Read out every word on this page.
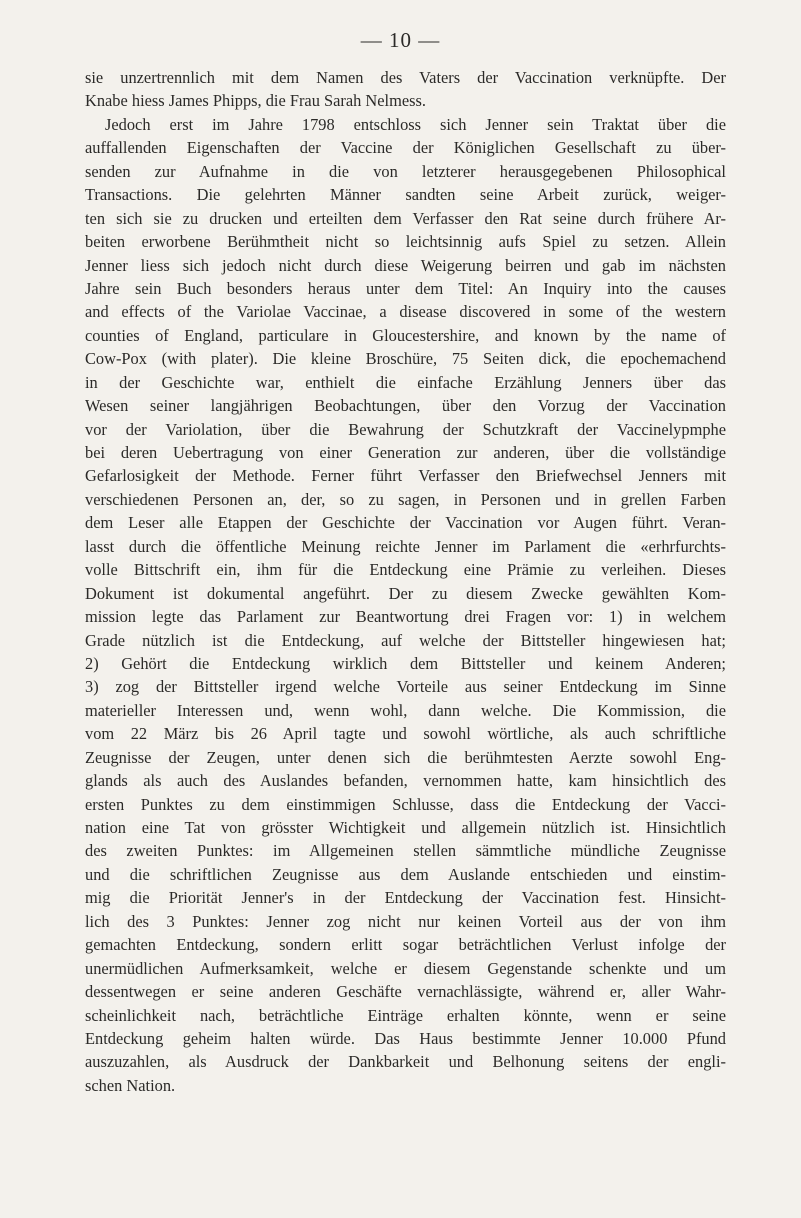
— 10 —
sie unzertrennlich mit dem Namen des Vaters der Vaccination verknüpfte. Der
Knabe hiess James Phipps, die Frau Sarah Nelmess.
Jedoch erst im Jahre 1798 entschloss sich Jenner sein Traktat über die
auffallenden Eigenschaften der Vaccine der Königlichen Gesellschaft zu über-
senden zur Aufnahme in die von letzterer herausgegebenen Philosophical
Transactions. Die gelehrten Männer sandten seine Arbeit zurück, weiger-
ten sich sie zu drucken und erteilten dem Verfasser den Rat seine durch frühere Ar-
beiten erworbene Berühmtheit nicht so leichtsinnig aufs Spiel zu setzen. Allein
Jenner liess sich jedoch nicht durch diese Weigerung beirren und gab im nächsten
Jahre sein Buch besonders heraus unter dem Titel: An Inquiry into the causes
and effects of the Variolae Vaccinae, a disease discovered in some of the western
counties of England, particulare in Gloucestershire, and known by the name of
Cow-Pox (with plater). Die kleine Broschüre, 75 Seiten dick, die epochemachend
in der Geschichte war, enthielt die einfache Erzählung Jenners über das
Wesen seiner langjährigen Beobachtungen, über den Vorzug der Vaccination
vor der Variolation, über die Bewahrung der Schutzkraft der Vaccinelypmphe
bei deren Uebertragung von einer Generation zur anderen, über die vollständige
Gefarlosigkeit der Methode. Ferner führt Verfasser den Briefwechsel Jenners mit
verschiedenen Personen an, der, so zu sagen, in Personen und in grellen Farben
dem Leser alle Etappen der Geschichte der Vaccination vor Augen führt. Veran-
lasst durch die öffentliche Meinung reichte Jenner im Parlament die «erhrfurchts-
volle Bittschrift ein, ihm für die Entdeckung eine Prämie zu verleihen. Dieses
Dokument ist dokumental angeführt. Der zu diesem Zwecke gewählten Kom-
mission legte das Parlament zur Beantwortung drei Fragen vor: 1) in welchem
Grade nützlich ist die Entdeckung, auf welche der Bittsteller hingewiesen hat;
2) Gehört die Entdeckung wirklich dem Bittsteller und keinem Anderen;
3) zog der Bittsteller irgend welche Vorteile aus seiner Entdeckung im Sinne
materieller Interessen und, wenn wohl, dann welche. Die Kommission, die
vom 22 März bis 26 April tagte und sowohl wörtliche, als auch schriftliche
Zeugnisse der Zeugen, unter denen sich die berühmtesten Aerzte sowohl Eng-
glands als auch des Auslandes befanden, vernommen hatte, kam hinsichtlich des
ersten Punktes zu dem einstimmigen Schlusse, dass die Entdeckung der Vacci-
nation eine Tat von grösster Wichtigkeit und allgemein nützlich ist. Hinsichtlich
des zweiten Punktes: im Allgemeinen stellen sämmtliche mündliche Zeugnisse
und die schriftlichen Zeugnisse aus dem Auslande entschieden und einstim-
mig die Priorität Jenner's in der Entdeckung der Vaccination fest. Hinsicht-
lich des 3 Punktes: Jenner zog nicht nur keinen Vorteil aus der von ihm
gemachten Entdeckung, sondern erlitt sogar beträchtlichen Verlust infolge der
unermüdlichen Aufmerksamkeit, welche er diesem Gegenstande schenkte und um
dessentwegen er seine anderen Geschäfte vernachlässigte, während er, aller Wahr-
scheinlichkeit nach, beträchtliche Einträge erhalten könnte, wenn er seine
Entdeckung geheim halten würde. Das Haus bestimmte Jenner 10.000 Pfund
auszuzahlen, als Ausdruck der Dankbarkeit und Belhonung seitens der engli-
schen Nation.
